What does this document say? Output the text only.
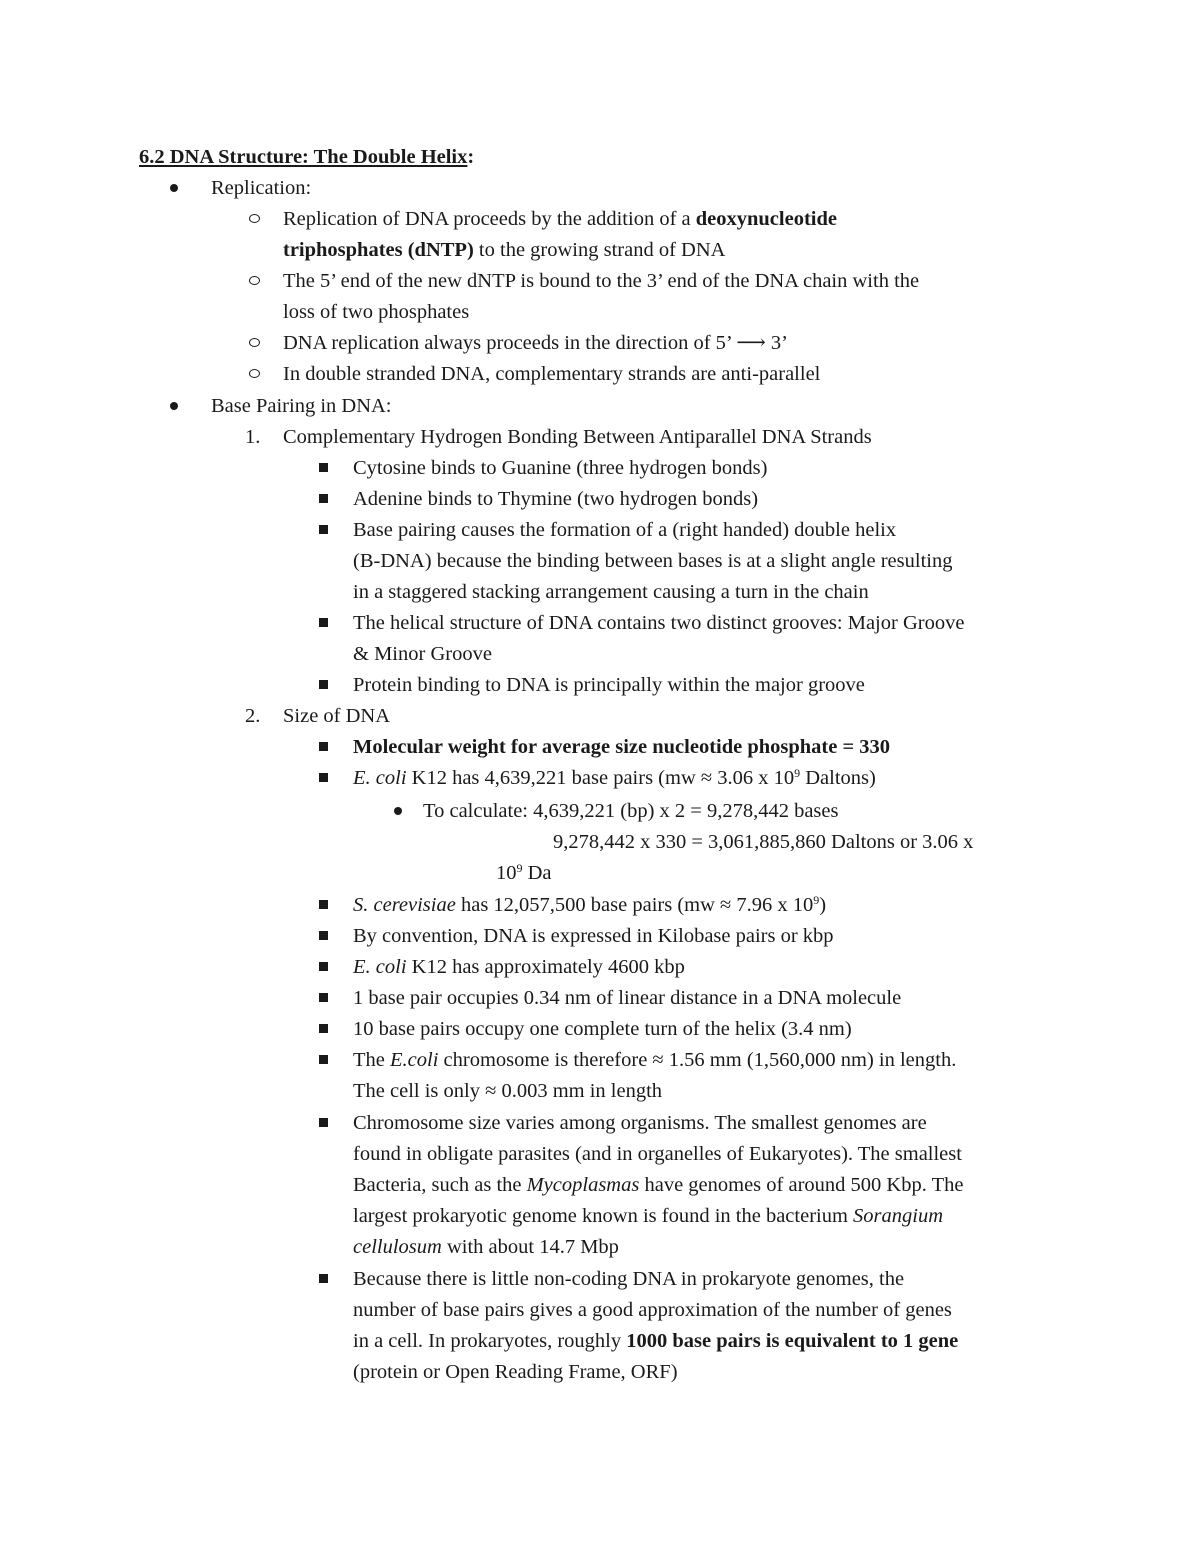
6.2 DNA Structure: The Double Helix:
Replication:
Replication of DNA proceeds by the addition of a deoxynucleotide
triphosphates (dNTP) to the growing strand of DNA
The 5’ end of the new dNTP is bound to the 3’ end of the DNA chain with the
loss of two phosphates
DNA replication always proceeds in the direction of 5’ ⟶ 3’
In double stranded DNA, complementary strands are anti-parallel
Base Pairing in DNA:
1. Complementary Hydrogen Bonding Between Antiparallel DNA Strands
Cytosine binds to Guanine (three hydrogen bonds)
Adenine binds to Thymine (two hydrogen bonds)
Base pairing causes the formation of a (right handed) double helix
(B-DNA) because the binding between bases is at a slight angle resulting
in a staggered stacking arrangement causing a turn in the chain
The helical structure of DNA contains two distinct grooves: Major Groove
& Minor Groove
Protein binding to DNA is principally within the major groove
2. Size of DNA
Molecular weight for average size nucleotide phosphate = 330
E. coli K12 has 4,639,221 base pairs (mw ≈ 3.06 x $10^9$ Daltons)
To calculate: 4,639,221 (bp) x 2 = 9,278,442 bases
9,278,442 x 330 = 3,061,885,860 Daltons or 3.06 x
$10^9$ Da
S. cerevisiae has 12,057,500 base pairs (mw ≈ 7.96 x $10^9$)
By convention, DNA is expressed in Kilobase pairs or kbp
E. coli K12 has approximately 4600 kbp
1 base pair occupies 0.34 nm of linear distance in a DNA molecule
10 base pairs occupy one complete turn of the helix (3.4 nm)
The E.coli chromosome is therefore ≈ 1.56 mm (1,560,000 nm) in length.
The cell is only ≈ 0.003 mm in length
Chromosome size varies among organisms. The smallest genomes are
found in obligate parasites (and in organelles of Eukaryotes). The smallest
Bacteria, such as the Mycoplasmas have genomes of around 500 Kbp. The
largest prokaryotic genome known is found in the bacterium Sorangium
cellulosum with about 14.7 Mbp
Because there is little non-coding DNA in prokaryote genomes, the
number of base pairs gives a good approximation of the number of genes
in a cell. In prokaryotes, roughly 1000 base pairs is equivalent to 1 gene
(protein or Open Reading Frame, ORF)
